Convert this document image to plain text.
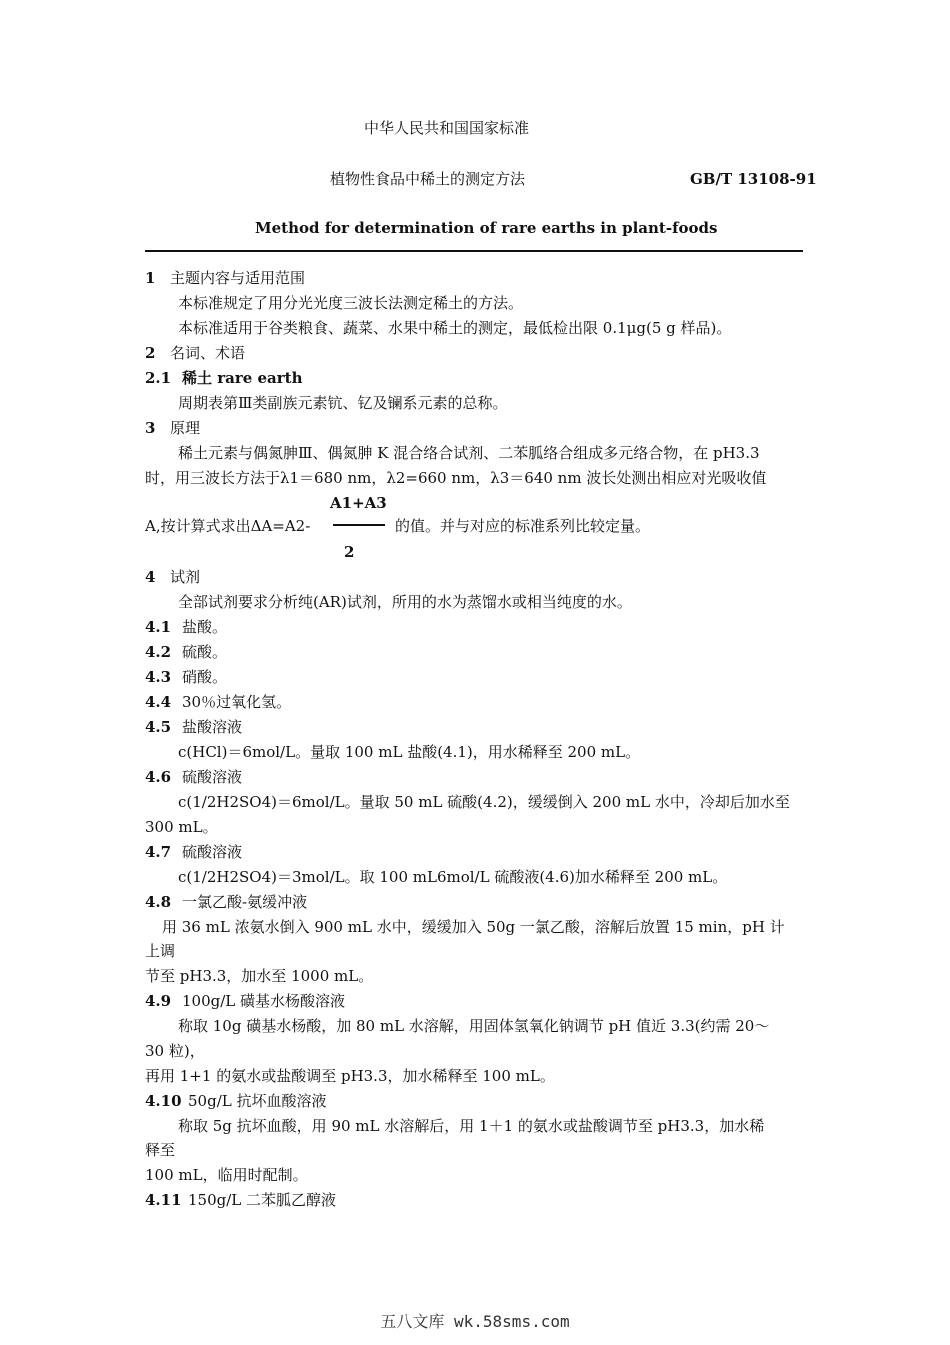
中华人民共和国国家标准
植物性食品中稀土的测定方法	GB/T 13108-91
Method for determination of rare earths in plant-foods
1 主题内容与适用范围
本标准规定了用分光光度三波长法测定稀土的方法。
本标准适用于谷类粮食、蔬菜、水果中稀土的测定，最低检出限 0.1μg(5 g 样品)。
2 名词、术语
2.1 稀土 rare earth
周期表第Ⅲ类副族元素钪、钇及镧系元素的总称。
3 原理
稀土元素与偶氮胂Ⅲ、偶氮胂 K 混合络合试剂、二苯胍络合组成多元络合物，在 pH3.3
时，用三波长方法于λ1＝680 nm，λ2=660 nm，λ3＝640 nm 波长处测出相应对光吸收值
A1+A3
A,按计算式求出ΔA=A2-	的值。并与对应的标准系列比较定量。
2
4 试剂
全部试剂要求分析纯(AR)试剂，所用的水为蒸馏水或相当纯度的水。
4.1 盐酸。
4.2 硫酸。
4.3 硝酸。
4.4 30％过氧化氢。
4.5 盐酸溶液
c(HCl)＝6mol/L。量取 100 mL 盐酸(4.1)，用水稀释至 200 mL。
4.6 硫酸溶液
c(1/2H2SO4)＝6mol/L。量取 50 mL 硫酸(4.2)，缓缓倒入 200 mL 水中，冷却后加水至
300 mL。
4.7 硫酸溶液
c(1/2H2SO4)＝3mol/L。取 100 mL6mol/L 硫酸液(4.6)加水稀释至 200 mL。
4.8 一氯乙酸-氨缓冲液
用 36 mL 浓氨水倒入 900 mL 水中，缓缓加入 50g 一氯乙酸，溶解后放置 15 min，pH 计
上调
节至 pH3.3，加水至 1000 mL。
4.9 100g/L 磺基水杨酸溶液
称取 10g 磺基水杨酸，加 80 mL 水溶解，用固体氢氧化钠调节 pH 值近 3.3(约需 20～
30 粒)，
再用 1+1 的氨水或盐酸调至 pH3.3，加水稀释至 100 mL。
4.10 50g/L 抗坏血酸溶液
称取 5g 抗坏血酸，用 90 mL 水溶解后，用 1＋1 的氨水或盐酸调节至 pH3.3，加水稀
释至
100 mL，临用时配制。
4.11 150g/L 二苯胍乙醇液
五八文库 wk.58sms.com
